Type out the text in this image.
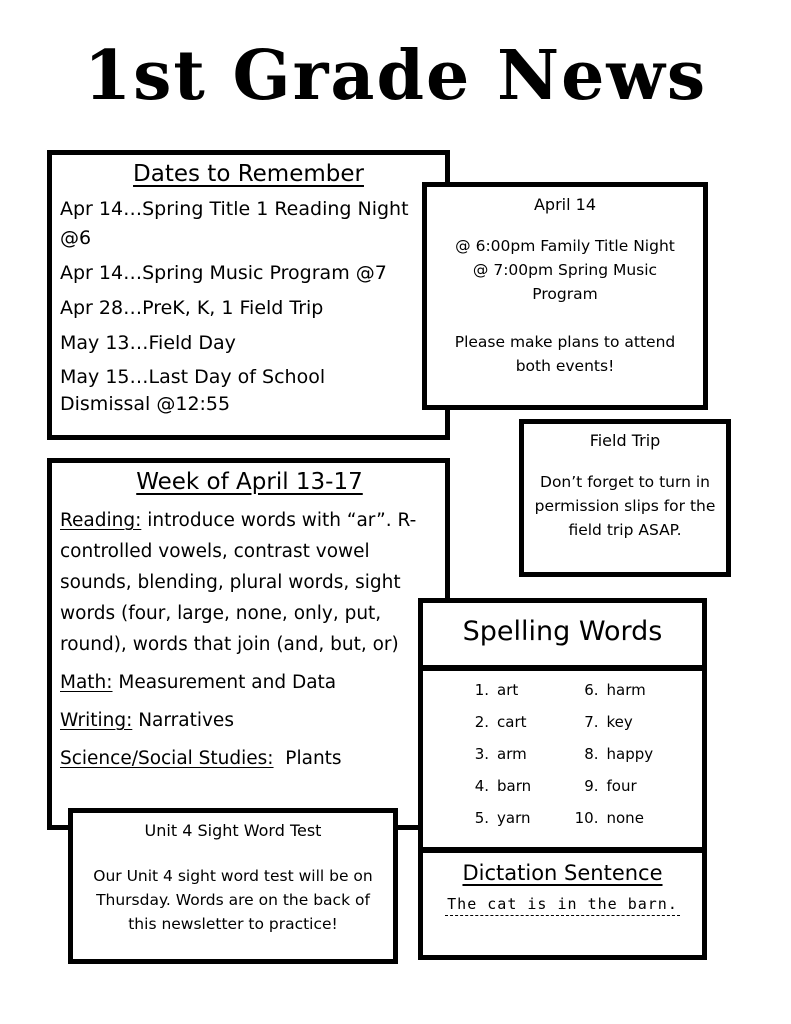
1st Grade News

Dates to Remember

Apr 14…Spring Title 1 Reading Night @6
Apr 14…Spring Music Program @7
Apr 28…PreK, K, 1 Field Trip
May 13…Field Day
May 15…Last Day of School Dismissal @12:55

April 14

@ 6:00pm Family Title Night

@ 7:00pm Spring Music Program

Please make plans to attend both events!

Field Trip

Don’t forget to turn in permission slips for the field trip ASAP.

Week of April 13-17

Reading: introduce words with “ar”. R-controlled vowels, contrast vowel sounds, blending, plural words, sight words (four, large, none, only, put, round), words that join (and, but, or)
Math: Measurement and Data
Writing: Narratives
Science/Social Studies:  Plants
Spelling Words
1. art	6. harm
2. cart	7. key
3. arm	8. happy
4. barn	9. four
5. yarn	10. none

Dictation Sentence

The cat is in the barn.

Unit 4 Sight Word Test

Our Unit 4 sight word test will be on Thursday. Words are on the back of this newsletter to practice!
